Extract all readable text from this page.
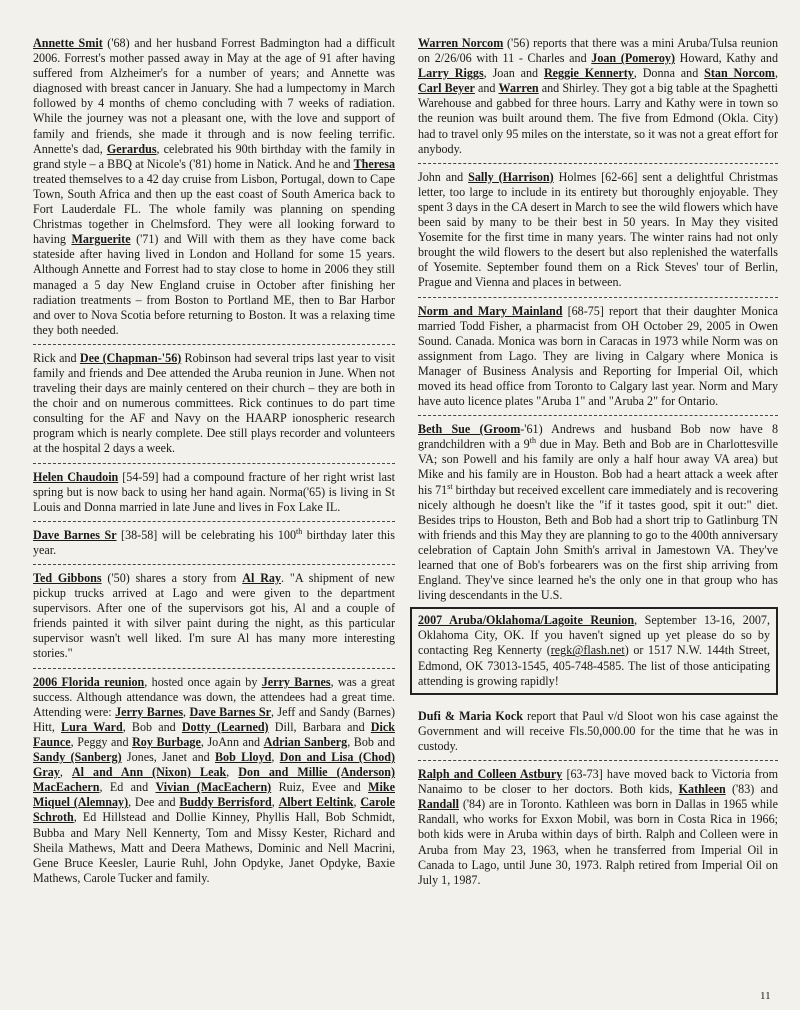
Annette Smit ('68) and her husband Forrest Badmington had a difficult 2006. Forrest's mother passed away in May at the age of 91 after having suffered from Alzheimer's for a number of years; and Annette was diagnosed with breast cancer in January. She had a lumpectomy in March followed by 4 months of chemo concluding with 7 weeks of radiation. While the journey was not a pleasant one, with the love and support of family and friends, she made it through and is now feeling terrific. Annette's dad, Gerardus, celebrated his 90th birthday with the family in grand style – a BBQ at Nicole's ('81) home in Natick. And he and Theresa treated themselves to a 42 day cruise from Lisbon, Portugal, down to Cape Town, South Africa and then up the east coast of South America back to Fort Lauderdale FL. The whole family was planning on spending Christmas together in Chelmsford. They were all looking forward to having Marguerite ('71) and Will with them as they have come back stateside after having lived in London and Holland for some 15 years. Although Annette and Forrest had to stay close to home in 2006 they still managed a 5 day New England cruise in October after finishing her radiation treatments – from Boston to Portland ME, then to Bar Harbor and over to Nova Scotia before returning to Boston. It was a relaxing time they both needed.

Rick and Dee (Chapman-'56) Robinson had several trips last year to visit family and friends and Dee attended the Aruba reunion in June. When not traveling their days are mainly centered on their church – they are both in the choir and on numerous committees. Rick continues to do part time consulting for the AF and Navy on the HAARP ionospheric research program which is nearly complete. Dee still plays recorder and volunteers at the hospital 2 days a week.

Helen Chaudoin [54-59] had a compound fracture of her right wrist last spring but is now back to using her hand again. Norma('65) is living in St Louis and Donna married in late June and lives in Fox Lake IL.

Dave Barnes Sr [38-58] will be celebrating his 100th birthday later this year.

Ted Gibbons ('50) shares a story from Al Ray. "A shipment of new pickup trucks arrived at Lago and were given to the department supervisors. After one of the supervisors got his, Al and a couple of friends painted it with silver paint during the night, as this particular supervisor wasn't well liked. I'm sure Al has many more interesting stories."

2006 Florida reunion, hosted once again by Jerry Barnes, was a great success. Although attendance was down, the attendees had a great time. Attending were: Jerry Barnes, Dave Barnes Sr, Jeff and Sandy (Barnes) Hitt, Lura Ward, Bob and Dotty (Learned) Dill, Barbara and Dick Faunce, Peggy and Roy Burbage, JoAnn and Adrian Sanberg, Bob and Sandy (Sanberg) Jones, Janet and Bob Lloyd, Don and Lisa (Chod) Gray, Al and Ann (Nixon) Leak, Don and Millie (Anderson) MacEachern, Ed and Vivian (MacEachern) Ruiz, Evee and Mike Miquel (Alemnay), Dee and Buddy Berrisford, Albert Eeltink, Carole Schroth, Ed Hillstead and Dollie Kinney, Phyllis Hall, Bob Schmidt, Bubba and Mary Nell Kennerty, Tom and Missy Kester, Richard and Sheila Mathews, Matt and Deera Mathews, Dominic and Nell Macrini, Gene Bruce Keesler, Laurie Ruhl, John Opdyke, Janet Opdyke, Baxie Mathews, Carole Tucker and family.

Warren Norcom ('56) reports that there was a mini Aruba/Tulsa reunion on 2/26/06 with 11 - Charles and Joan (Pomeroy) Howard, Kathy and Larry Riggs, Joan and Reggie Kennerty, Donna and Stan Norcom, Carl Beyer and Warren and Shirley. They got a big table at the Spaghetti Warehouse and gabbed for three hours. Larry and Kathy were in town so the reunion was built around them. The five from Edmond (Okla. City) had to travel only 95 miles on the interstate, so it was not a great effort for anybody.

John and Sally (Harrison) Holmes [62-66] sent a delightful Christmas letter, too large to include in its entirety but thoroughly enjoyable. They spent 3 days in the CA desert in March to see the wild flowers which have been said by many to be their best in 50 years. In May they visited Yosemite for the first time in many years. The winter rains had not only brought the wild flowers to the desert but also replenished the waterfalls of Yosemite. September found them on a Rick Steves' tour of Berlin, Prague and Vienna and places in between.

Norm and Mary Mainland [68-75] report that their daughter Monica married Todd Fisher, a pharmacist from OH October 29, 2005 in Owen Sound. Canada. Monica was born in Caracas in 1973 while Norm was on assignment from Lago. They are living in Calgary where Monica is Manager of Business Analysis and Reporting for Imperial Oil, which moved its head office from Toronto to Calgary last year. Norm and Mary have auto licence plates "Aruba 1" and "Aruba 2" for Ontario.

Beth Sue (Groom-'61) Andrews and husband Bob now have 8 grandchildren with a 9th due in May. Beth and Bob are in Charlottesville VA; son Powell and his family are only a half hour away VA area) but Mike and his family are in Houston. Bob had a heart attack a week after his 71st birthday but received excellent care immediately and is recovering nicely although he doesn't like the "if it tastes good, spit it out:" diet. Besides trips to Houston, Beth and Bob had a short trip to Gatlinburg TN with friends and this May they are planning to go to the 400th anniversary celebration of Captain John Smith's arrival in Jamestown VA. They've learned that one of Bob's forbearers was on the first ship arriving from England. They've since learned he's the only one in that group who has living descendants in the U.S.

2007 Aruba/Oklahoma/Lagoite Reunion, September 13-16, 2007, Oklahoma City, OK. If you haven't signed up yet please do so by contacting Reg Kennerty (regk@flash.net) or 1517 N.W. 144th Street, Edmond, OK 73013-1545, 405-748-4585. The list of those anticipating attending is growing rapidly!

Dufi & Maria Kock report that Paul v/d Sloot won his case against the Government and will receive Fls.50,000.00 for the time that he was in custody.

Ralph and Colleen Astbury [63-73] have moved back to Victoria from Nanaimo to be closer to her doctors. Both kids, Kathleen ('83) and Randall ('84) are in Toronto. Kathleen was born in Dallas in 1965 while Randall, who works for Exxon Mobil, was born in Costa Rica in 1966; both kids were in Aruba within days of birth. Ralph and Colleen were in Aruba from May 23, 1963, when he transferred from Imperial Oil in Canada to Lago, until June 30, 1973. Ralph retired from Imperial Oil on July 1, 1987.

11
